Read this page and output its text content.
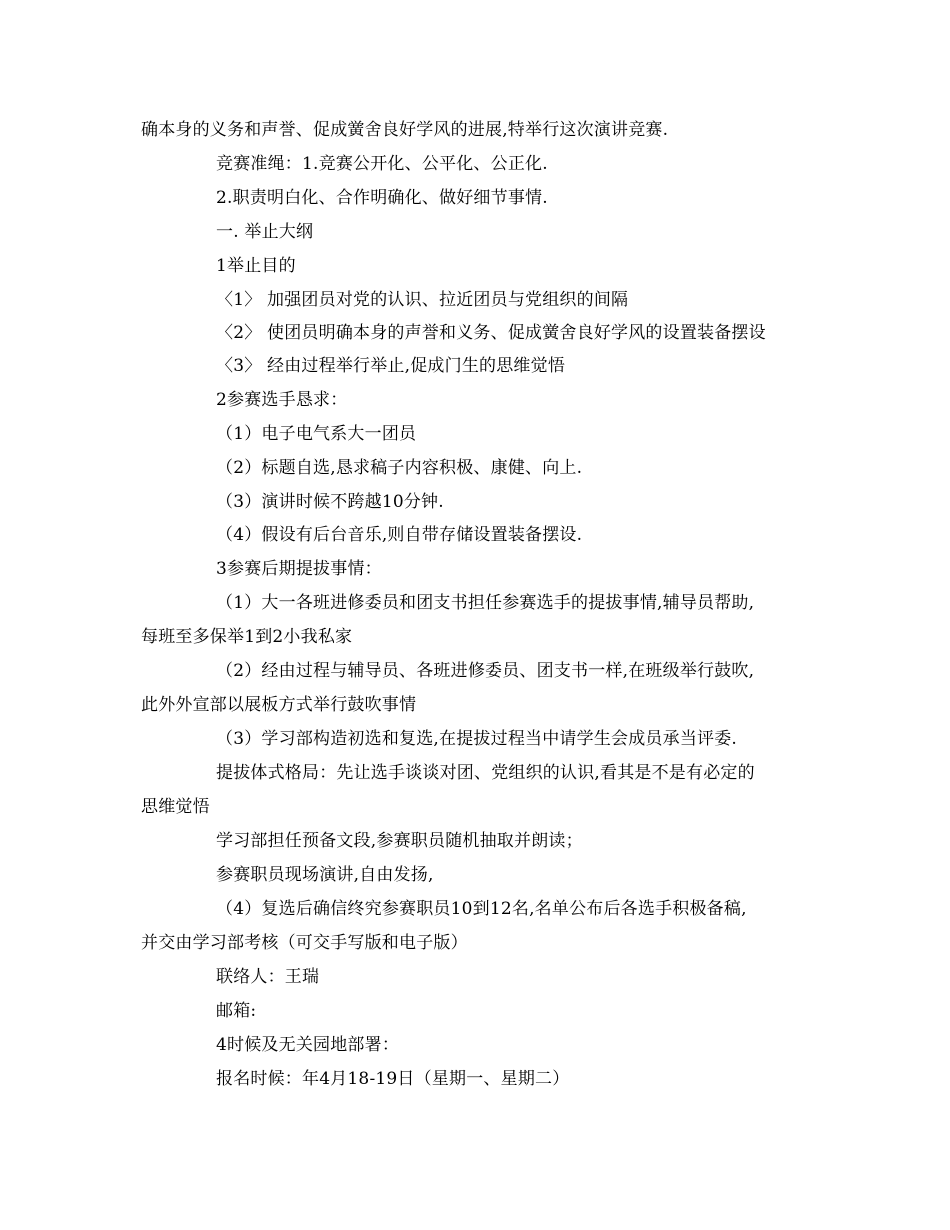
确本身的义务和声誉、促成黉舍良好学风的进展,特举行这次演讲竞赛.
竞赛准绳：1.竞赛公开化、公平化、公正化.
2.职责明白化、合作明确化、做好细节事情.
一. 举止大纲
1举止目的
〈1〉 加强团员对党的认识、拉近团员与党组织的间隔
〈2〉 使团员明确本身的声誉和义务、促成黉舍良好学风的设置装备摆设
〈3〉 经由过程举行举止,促成门生的思维觉悟
2参赛选手恳求：
（1）电子电气系大一团员
（2）标题自选,恳求稿子内容积极、康健、向上.
（3）演讲时候不跨越10分钟.
（4）假设有后台音乐,则自带存储设置装备摆设.
3参赛后期提拔事情：
（1）大一各班进修委员和团支书担任参赛选手的提拔事情,辅导员帮助,
每班至多保举1到2小我私家
（2）经由过程与辅导员、各班进修委员、团支书一样,在班级举行鼓吹,
此外外宣部以展板方式举行鼓吹事情
（3）学习部构造初选和复选,在提拔过程当中请学生会成员承当评委.
提拔体式格局：先让选手谈谈对团、党组织的认识,看其是不是有必定的
思维觉悟
学习部担任预备文段,参赛职员随机抽取并朗读；
参赛职员现场演讲,自由发扬,
（4）复选后确信终究参赛职员10到12名,名单公布后各选手积极备稿,
并交由学习部考核（可交手写版和电子版）
联络人：王瑞
邮箱:
4时候及无关园地部署：
报名时候：年4月18-19日（星期一、星期二）
